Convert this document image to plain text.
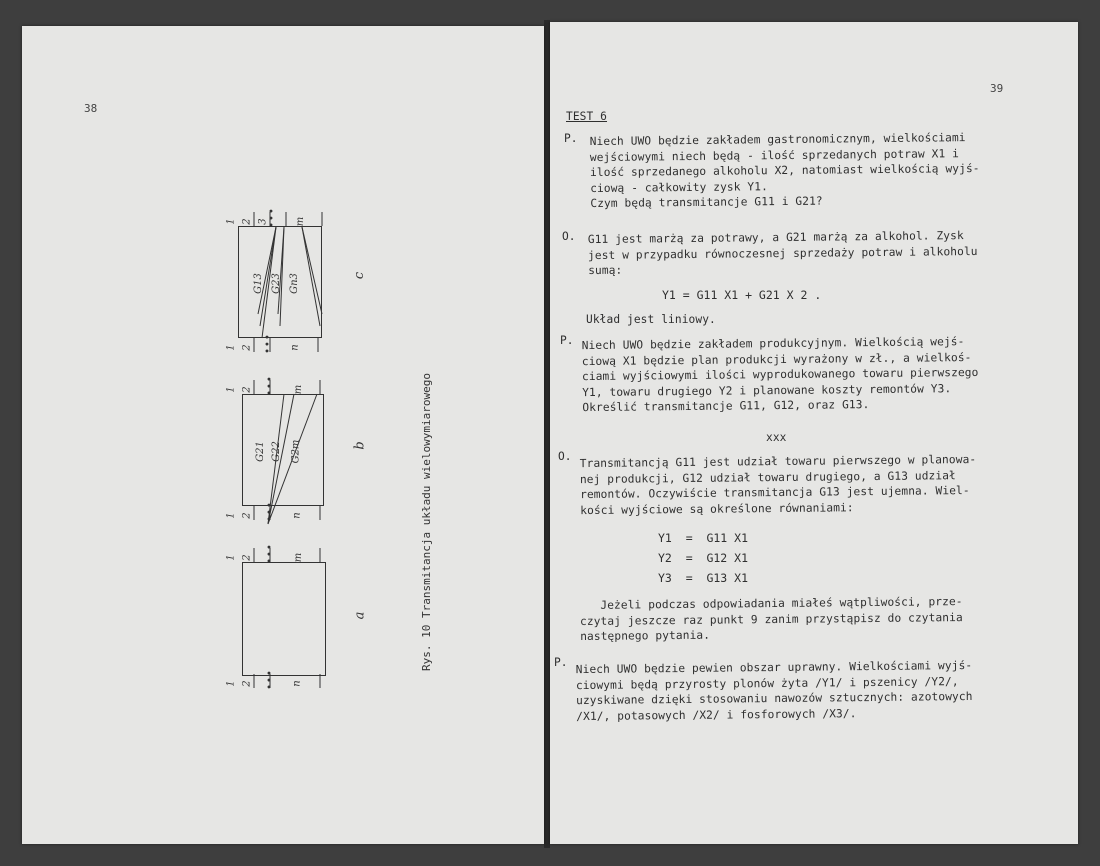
38
Rys. 10 Transmitancja układu wielowymiarowego
G13 G23 Gn3
G21 G22 G2m
1 2 3	m
1 2	n
1 2	m
1 2	n
1 2	m
1 2	n
•••
•••
•••
•••
•••
•••
c
b
a
39
TEST 6
P. Niech UWO będzie zakładem gastronomicznym, wielkościami
wejściowymi niech będą - ilość sprzedanych potraw X1 i
ilość sprzedanego alkoholu X2, natomiast wielkością wyjś-
ciową - całkowity zysk Y1.
Czym będą transmitancje G11 i G21?
O. G11 jest marżą za potrawy, a G21 marżą za alkohol. Zysk
jest w przypadku równoczesnej sprzedaży potraw i alkoholu
sumą:
Y1 = G11 X1 + G21 X 2 .
Układ jest liniowy.
P. Niech UWO będzie zakładem produkcyjnym. Wielkością wejś-
ciową X1 będzie plan produkcji wyrażony w zł., a wielkoś-
ciami wyjściowymi ilości wyprodukowanego towaru pierwszego
Y1, towaru drugiego Y2 i planowane koszty remontów Y3.
Określić transmitancje G11, G12, oraz G13.
xxx
O. Transmitancją G11 jest udział towaru pierwszego w planowa-
nej produkcji, G12 udział towaru drugiego, a G13 udział
remontów. Oczywiście transmitancja G13 jest ujemna. Wiel-
kości wyjściowe są określone równaniami:
Y1  =  G11 X1
Y2  =  G12 X1
Y3  =  G13 X1
Jeżeli podczas odpowiadania miałeś wątpliwości, prze-
czytaj jeszcze raz punkt 9 zanim przystąpisz do czytania
następnego pytania.
P. Niech UWO będzie pewien obszar uprawny. Wielkościami wyjś-
ciowymi będą przyrosty plonów żyta /Y1/ i pszenicy /Y2/,
uzyskiwane dzięki stosowaniu nawozów sztucznych: azotowych
/X1/, potasowych /X2/ i fosforowych /X3/.
